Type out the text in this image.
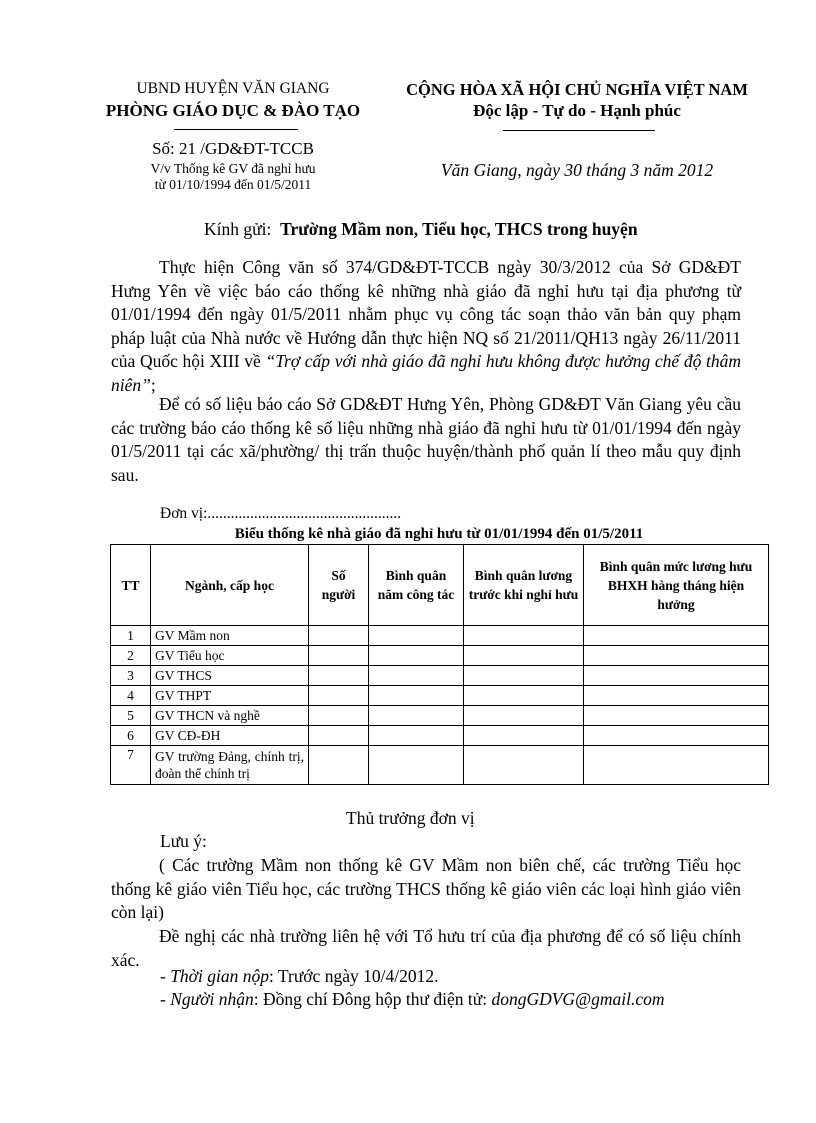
UBND HUYỆN VĂN GIANG
PHÒNG GIÁO DỤC & ĐÀO TẠO
Số: 21 /GD&ĐT-TCCB
V/v Thống kê GV đã nghỉ hưu
từ 01/10/1994 đến 01/5/2011
CỘNG HÒA XÃ HỘI CHỦ NGHĨA VIỆT NAM
Độc lập - Tự do - Hạnh phúc
Văn Giang, ngày 30 tháng 3 năm 2012
Kính gửi: Trường Mầm non, Tiểu học, THCS trong huyện
Thực hiện Công văn số 374/GD&ĐT-TCCB ngày 30/3/2012 của Sở GD&ĐT Hưng Yên về việc báo cáo thống kê những nhà giáo đã nghỉ hưu tại địa phương từ 01/01/1994 đến ngày 01/5/2011 nhằm phục vụ công tác soạn thảo văn bản quy phạm pháp luật của Nhà nước về Hướng dẫn thực hiện NQ số 21/2011/QH13 ngày 26/11/2011 của Quốc hội XIII về “Trợ cấp với nhà giáo đã nghỉ hưu không được hưởng chế độ thâm niên”;
Để có số liệu báo cáo Sở GD&ĐT Hưng Yên, Phòng GD&ĐT Văn Giang yêu cầu các trường báo cáo thống kê số liệu những nhà giáo đã nghỉ hưu từ 01/01/1994 đến ngày 01/5/2011 tại các xã/phường/ thị trấn thuộc huyện/thành phố quản lí theo mẫu quy định sau.
Đơn vị:..................................................
Biểu thống kê nhà giáo đã nghỉ hưu từ 01/01/1994 đến 01/5/2011
TT	Ngành, cấp học	Số người	Bình quân năm công tác	Bình quân lương trước khi nghỉ hưu	Bình quân mức lương hưu BHXH hàng tháng hiện hưởng
1	GV Mầm non				
2	GV Tiểu học				
3	GV THCS				
4	GV THPT				
5	GV THCN và nghề				
6	GV CĐ-ĐH				
7	GV trường Đảng, chính trị, đoàn thể chính trị				
Thủ trưởng đơn vị
Lưu ý:
( Các trường Mầm non thống kê GV Mầm non biên chế, các trường Tiểu học thống kê giáo viên Tiểu học, các trường THCS thống kê giáo viên các loại hình giáo viên còn lại)
Đề nghị các nhà trường liên hệ với Tổ hưu trí của địa phương để có số liệu chính xác.
- Thời gian nộp: Trước ngày 10/4/2012.
- Người nhận: Đồng chí Đông hộp thư điện tử: dongGDVG@gmail.com
